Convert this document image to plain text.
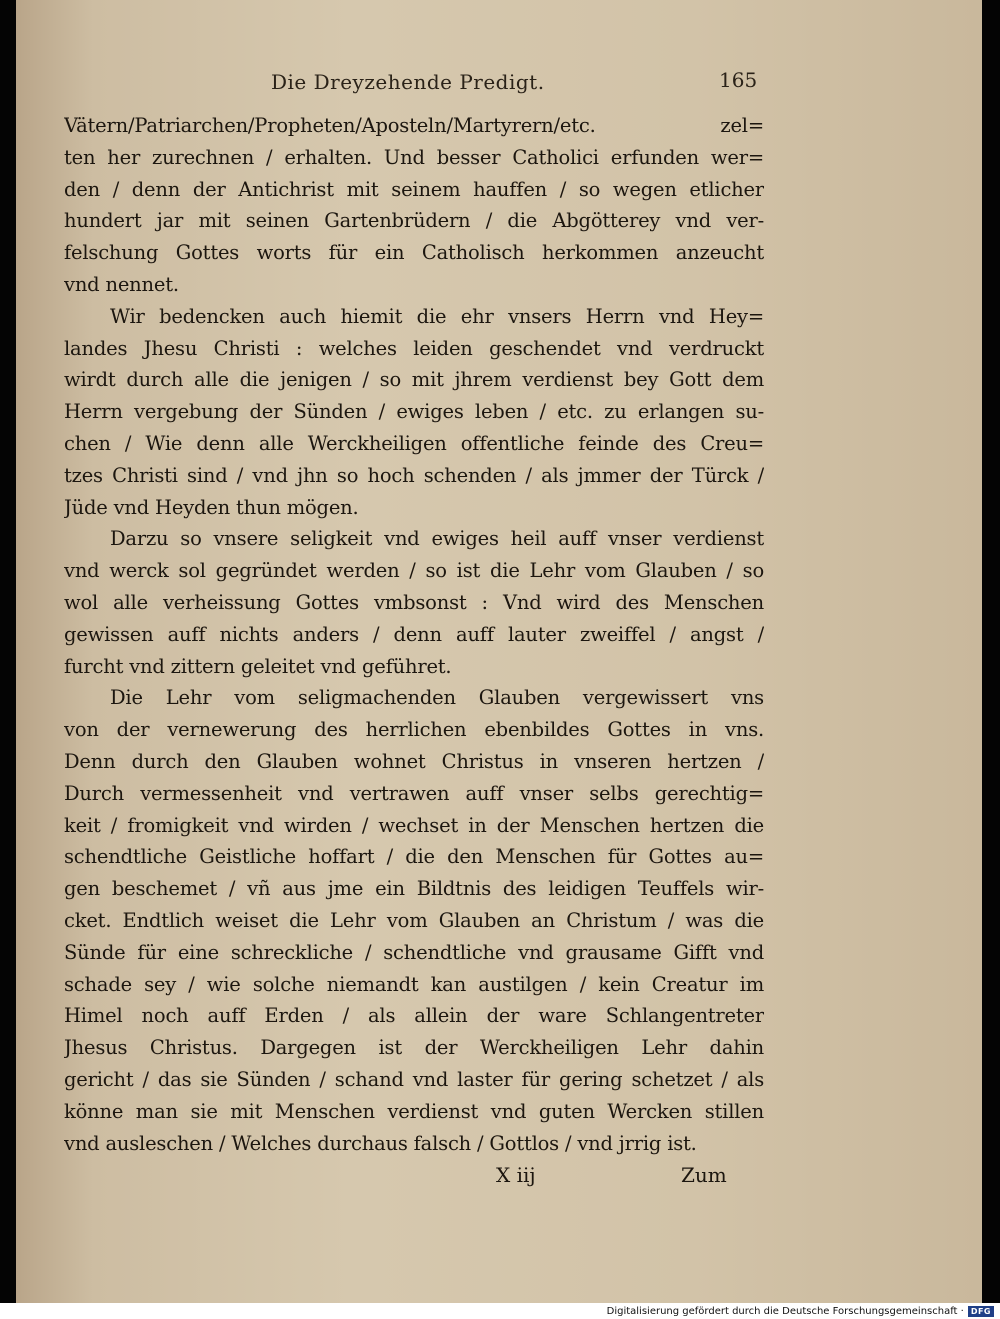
Die Dreyzehende Predigt.	165
Vätern/Patriarchen/Propheten/Aposteln/Martyrern/etc. zel=
ten her zurechnen / erhalten. Und besser Catholici erfunden wer=
den / denn der Antichrist mit seinem hauffen / so wegen etlicher
hundert jar mit seinen Gartenbrüdern / die Abgötterey vnd ver-
felschung Gottes worts für ein Catholisch herkommen anzeucht
vnd nennet.
Wir bedencken auch hiemit die ehr vnsers Herrn vnd Hey=
landes Jhesu Christi : welches leiden geschendet vnd verdruckt
wirdt durch alle die jenigen / so mit jhrem verdienst bey Gott dem
Herrn vergebung der Sünden / ewiges leben / etc. zu erlangen su-
chen / Wie denn alle Werckheiligen offentliche feinde des Creu=
tzes Christi sind / vnd jhn so hoch schenden / als jmmer der Türck /
Jüde vnd Heyden thun mögen.
Darzu so vnsere seligkeit vnd ewiges heil auff vnser verdienst
vnd werck sol gegründet werden / so ist die Lehr vom Glauben / so
wol alle verheissung Gottes vmbsonst : Vnd wird des Menschen
gewissen auff nichts anders / denn auff lauter zweiffel / angst /
furcht vnd zittern geleitet vnd geführet.
Die Lehr vom seligmachenden Glauben vergewissert vns
von der vernewerung des herrlichen ebenbildes Gottes in vns.
Denn durch den Glauben wohnet Christus in vnseren hertzen /
Durch vermessenheit vnd vertrawen auff vnser selbs gerechtig=
keit / fromigkeit vnd wirden / wechset in der Menschen hertzen die
schendtliche Geistliche hoffart / die den Menschen für Gottes au=
gen beschemet / vñ aus jme ein Bildtnis des leidigen Teuffels wir-
cket. Endtlich weiset die Lehr vom Glauben an Christum / was die
Sünde für eine schreckliche / schendtliche vnd grausame Gifft vnd
schade sey / wie solche niemandt kan austilgen / kein Creatur im
Himel noch auff Erden / als allein der ware Schlangentreter
Jhesus Christus. Dargegen ist der Werckheiligen Lehr dahin
gericht / das sie Sünden / schand vnd laster für gering schetzet / als
könne man sie mit Menschen verdienst vnd guten Wercken stillen
vnd ausleschen / Welches durchaus falsch / Gottlos / vnd jrrig ist.
X iij	Zum
Digitalisierung gefördert durch die Deutsche Forschungsgemeinschaft · DFG
